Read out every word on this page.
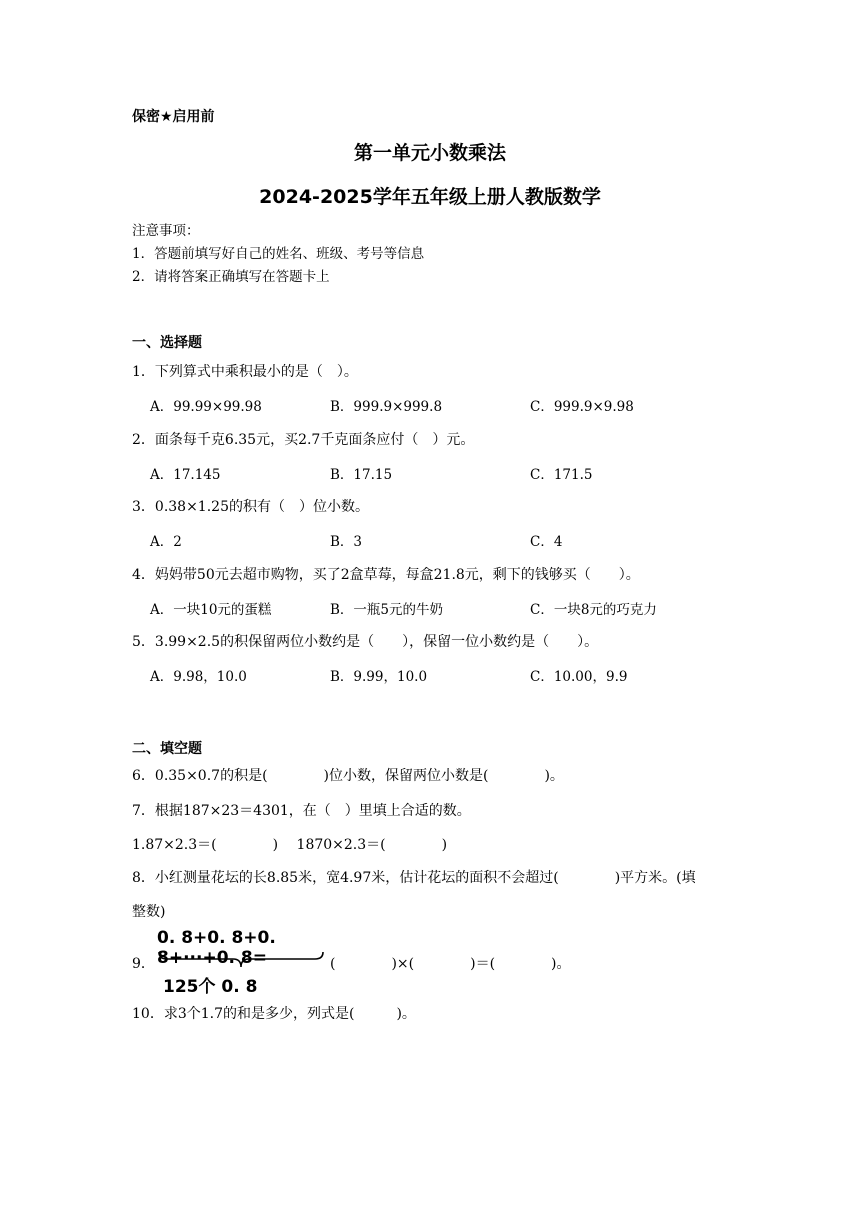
保密★启用前
第一单元小数乘法
2024-2025学年五年级上册人教版数学
注意事项：
1．答题前填写好自己的姓名、班级、考号等信息
2．请将答案正确填写在答题卡上
一、选择题
1．下列算式中乘积最小的是（　）。
A．99.99×99.98	B．999.9×999.8	C．999.9×9.98
2．面条每千克6.35元，买2.7千克面条应付（　）元。
A．17.145	B．17.15	C．171.5
3．0.38×1.25的积有（　）位小数。
A．2	B．3	C．4
4．妈妈带50元去超市购物，买了2盒草莓，每盒21.8元，剩下的钱够买（　　）。
A．一块10元的蛋糕	B．一瓶5元的牛奶	C．一块8元的巧克力
5．3.99×2.5的积保留两位小数约是（　　），保留一位小数约是（　　）。
A．9.98，10.0	B．9.99，10.0	C．10.00，9.9
二、填空题
6．0.35×0.7的积是(　　　　)位小数，保留两位小数是(　　　　)。
7．根据187×23＝4301，在（　）里填上合适的数。
1.87×2.3＝(　　　　)　 1870×2.3＝(　　　　)
8．小红测量花坛的长8.85米，宽4.97米，估计花坛的面积不会超过(　　　　)平方米。(填
整数)
9．
0. 8+0. 8+0. 8+···+0. 8=
125个 0. 8
(　　　　)×(　　　　)＝(　　　　)。
10．求3个1.7的和是多少，列式是(　　　)。
